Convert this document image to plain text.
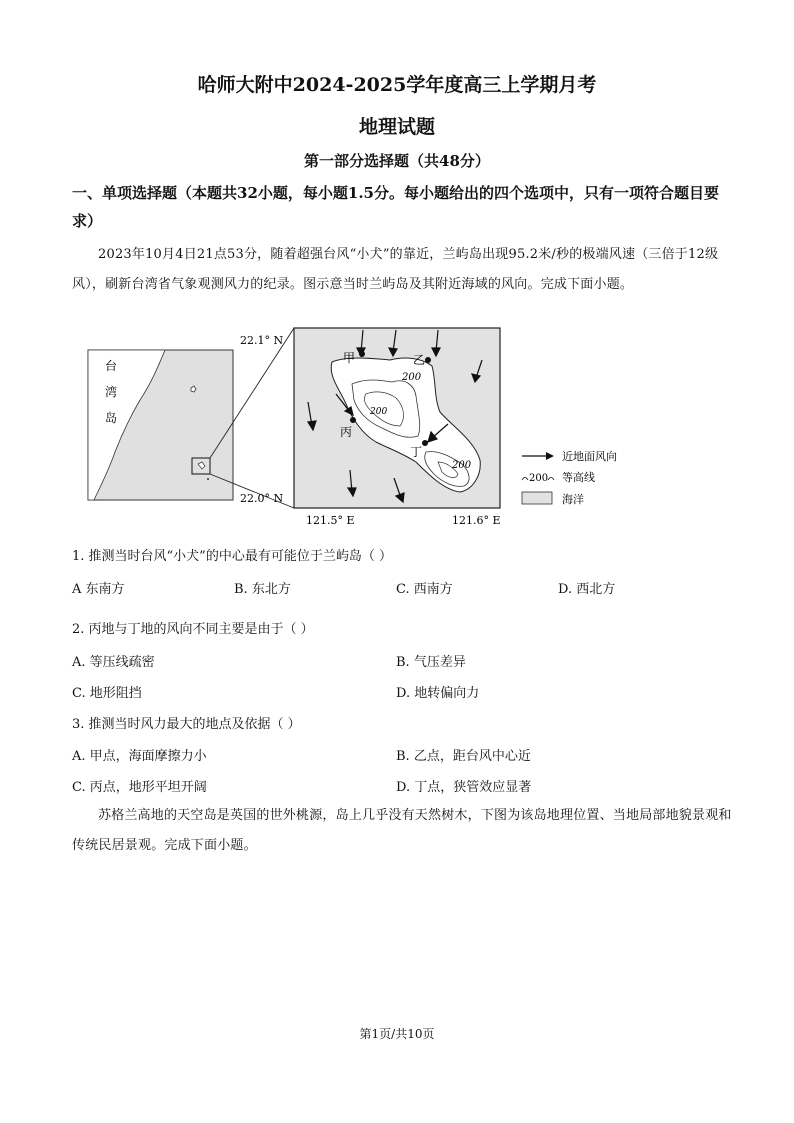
哈师大附中2024-2025学年度高三上学期月考
地理试题
第一部分选择题（共48分）
一、单项选择题（本题共32小题，每小题1.5分。每小题给出的四个选项中，只有一项符合题目要求）
2023年10月4日21点53分，随着超强台风“小犬”的靠近，兰屿岛出现95.2米/秒的极端风速（三倍于12级风），刷新台湾省气象观测风力的纪录。图示意当时兰屿岛及其附近海域的风向。完成下面小题。
台
湾
岛
200
200
200
甲	乙
丙
丁
22.1° N
22.0° N
121.5° E	121.6° E
近地面风向
200 等高线
海洋
1. 推测当时台风“小犬”的中心最有可能位于兰屿岛（ ）
A 东南方	B. 东北方	C. 西南方	D. 西北方
2. 丙地与丁地的风向不同主要是由于（ ）
A. 等压线疏密	B. 气压差异
C. 地形阻挡	D. 地转偏向力
3. 推测当时风力最大的地点及依据（ ）
A. 甲点，海面摩擦力小	B. 乙点，距台风中心近
C. 丙点，地形平坦开阔	D. 丁点，狭管效应显著
苏格兰高地的天空岛是英国的世外桃源，岛上几乎没有天然树木，下图为该岛地理位置、当地局部地貌景观和传统民居景观。完成下面小题。
第1页/共10页
